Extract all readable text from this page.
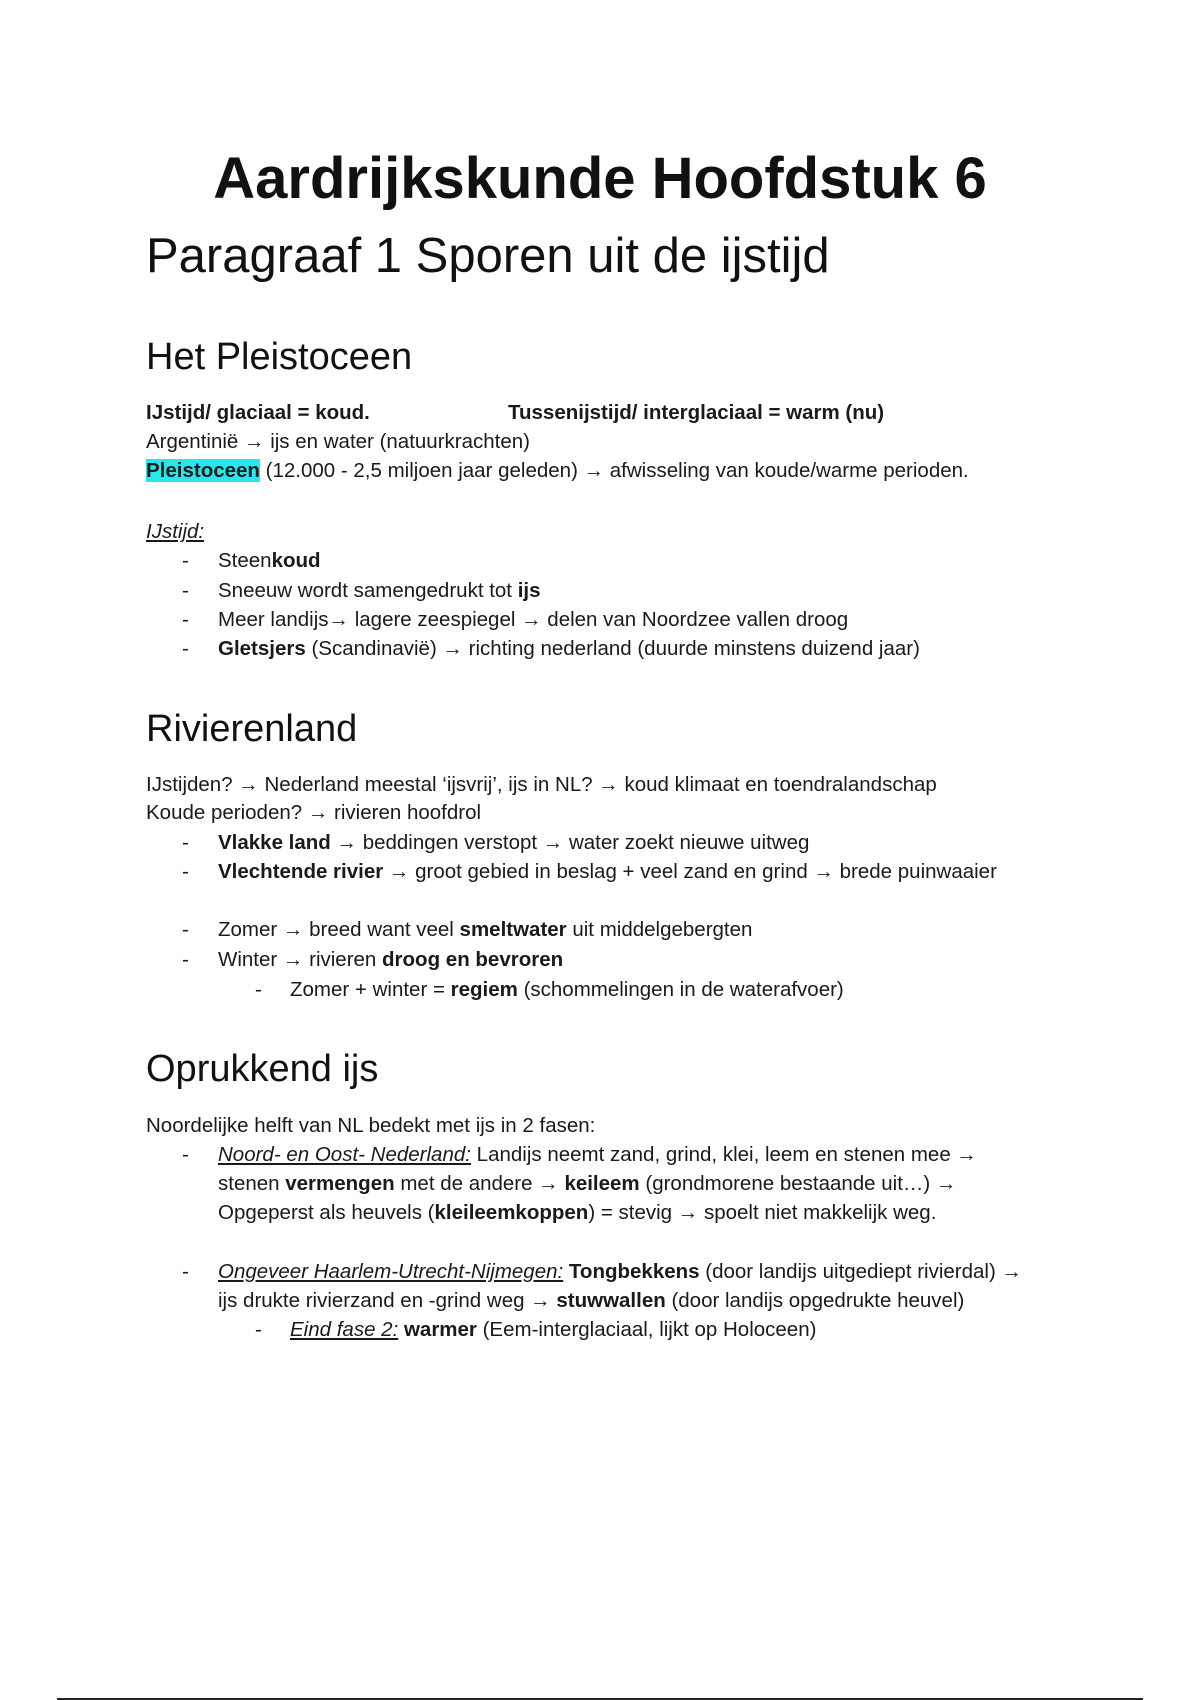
Aardrijkskunde Hoofdstuk 6
Paragraaf 1 Sporen uit de ijstijd
Het Pleistoceen
IJstijd/ glaciaal = koud.	Tussenijstijd/ interglaciaal = warm (nu)
Argentinië → ijs en water (natuurkrachten)
Pleistoceen (12.000 - 2,5 miljoen jaar geleden) → afwisseling van koude/warme perioden.
IJstijd:
- Steenkoud
- Sneeuw wordt samengedrukt tot ijs
- Meer landijs→ lagere zeespiegel → delen van Noordzee vallen droog
- Gletsjers (Scandinavië) → richting nederland (duurde minstens duizend jaar)
Rivierenland
IJstijden? → Nederland meestal ‘ijsvrij’, ijs in NL? → koud klimaat en toendralandschap
Koude perioden? → rivieren hoofdrol
- Vlakke land → beddingen verstopt → water zoekt nieuwe uitweg
- Vlechtende rivier → groot gebied in beslag + veel zand en grind → brede puinwaaier
- Zomer → breed want veel smeltwater uit middelgebergten
- Winter → rivieren droog en bevroren
- Zomer + winter = regiem (schommelingen in de waterafvoer)
Oprukkend ijs
Noordelijke helft van NL bedekt met ijs in 2 fasen:
- Noord- en Oost- Nederland: Landijs neemt zand, grind, klei, leem en stenen mee →
stenen vermengen met de andere → keileem (grondmorene bestaande uit…) →
Opgeperst als heuvels (kleileemkoppen) = stevig → spoelt niet makkelijk weg.
- Ongeveer Haarlem-Utrecht-Nijmegen: Tongbekkens (door landijs uitgediept rivierdal) →
ijs drukte rivierzand en -grind weg → stuwwallen (door landijs opgedrukte heuvel)
- Eind fase 2: warmer (Eem-interglaciaal, lijkt op Holoceen)
